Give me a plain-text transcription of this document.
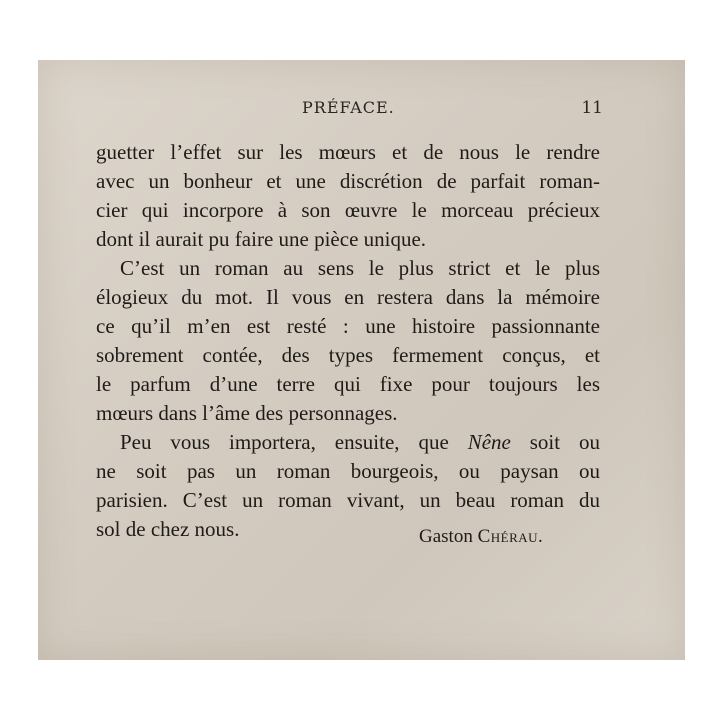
PRÉFACE.	11

guetter l’effet sur les mœurs et de nous le rendre
avec un bonheur et une discrétion de parfait roman-
cier qui incorpore à son œuvre le morceau précieux
dont il aurait pu faire une pièce unique.

C’est un roman au sens le plus strict et le plus
élogieux du mot. Il vous en restera dans la mémoire
ce qu’il m’en est resté : une histoire passionnante
sobrement contée, des types fermement conçus, et
le parfum d’une terre qui fixe pour toujours les
mœurs dans l’âme des personnages.

Peu vous importera, ensuite, que Nêne soit ou
ne soit pas un roman bourgeois, ou paysan ou
parisien. C’est un roman vivant, un beau roman du
sol de chez nous.	Gaston Chérau.
